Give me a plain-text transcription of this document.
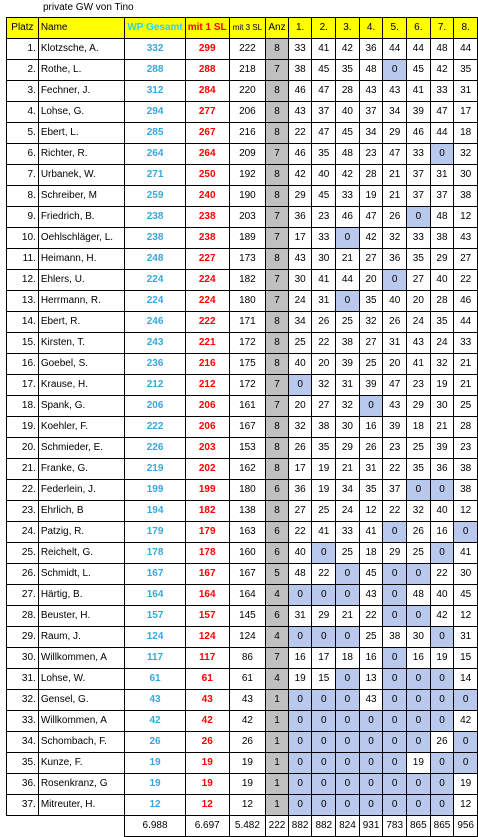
private GW von Tino
Platz	Name	WP Gesamt	mit 1 SL	mit 3 SL	Anz	1.	2.	3.	4.	5.	6.	7.	8.
1.	Klotzsche, A.	332	299	222	8	33	41	42	36	44	44	48	44
2.	Rothe, L.	288	288	218	7	38	45	35	48	0	45	42	35
3.	Fechner, J.	312	284	220	8	46	47	28	43	43	41	33	31
4.	Lohse, G.	294	277	206	8	43	37	40	37	34	39	47	17
5.	Ebert, L.	285	267	216	8	22	47	45	34	29	46	44	18
6.	Richter, R.	264	264	209	7	46	35	48	23	47	33	0	32
7.	Urbanek, W.	271	250	192	8	42	40	42	28	21	37	31	30
8.	Schreiber, M	259	240	190	8	29	45	33	19	21	37	37	38
9.	Friedrich, B.	238	238	203	7	36	23	46	47	26	0	48	12
10.	Oehlschläger, L.	238	238	189	7	17	33	0	42	32	33	38	43
11.	Heimann, H.	248	227	173	8	43	30	21	27	36	35	29	27
12.	Ehlers, U.	224	224	182	7	30	41	44	20	0	27	40	22
13.	Herrmann, R.	224	224	180	7	24	31	0	35	40	20	28	46
14.	Ebert, R.	246	222	171	8	34	26	25	32	26	24	35	44
15.	Kirsten, T.	243	221	172	8	25	22	38	27	31	43	24	33
16.	Goebel, S.	236	216	175	8	40	20	39	25	20	41	32	21
17.	Krause, H.	212	212	172	7	0	32	31	39	47	23	19	21
18.	Spank, G.	206	206	161	7	20	27	32	0	43	29	30	25
19.	Koehler, F.	222	206	167	8	32	38	30	16	39	18	21	28
20.	Schmieder, E.	226	203	153	8	26	35	29	26	23	25	39	23
21.	Franke, G.	219	202	162	8	17	19	21	31	22	35	36	38
22.	Federlein, J.	199	199	180	6	36	19	34	35	37	0	0	38
23.	Ehrlich, B	194	182	138	8	27	25	24	12	22	32	40	12
24.	Patzig, R.	179	179	163	6	22	41	33	41	0	26	16	0
25.	Reichelt, G.	178	178	160	6	40	0	25	18	29	25	0	41
26.	Schmidt, L.	167	167	167	5	48	22	0	45	0	0	22	30
27.	Härtig, B.	164	164	164	4	0	0	0	43	0	48	40	45
28.	Beuster, H.	157	157	145	6	31	29	21	22	0	0	42	12
29.	Raum, J.	124	124	124	4	0	0	0	25	38	30	0	31
30.	Willkommen, A	117	117	86	7	16	17	18	16	0	16	19	15
31.	Lohse, W.	61	61	61	4	19	15	0	13	0	0	0	14
32.	Gensel, G.	43	43	43	1	0	0	0	43	0	0	0	0
33.	Willkommen, A	42	42	42	1	0	0	0	0	0	0	0	42
34.	Schombach, F.	26	26	26	1	0	0	0	0	0	0	26	0
35.	Kunze, F.	19	19	19	1	0	0	0	0	0	19	0	0
36.	Rosenkranz, G	19	19	19	1	0	0	0	0	0	0	0	19
37.	Mitreuter, H.	12	12	12	1	0	0	0	0	0	0	0	12
		6.988	6.697	5.482	222	882	882	824	931	783	865	865	956
